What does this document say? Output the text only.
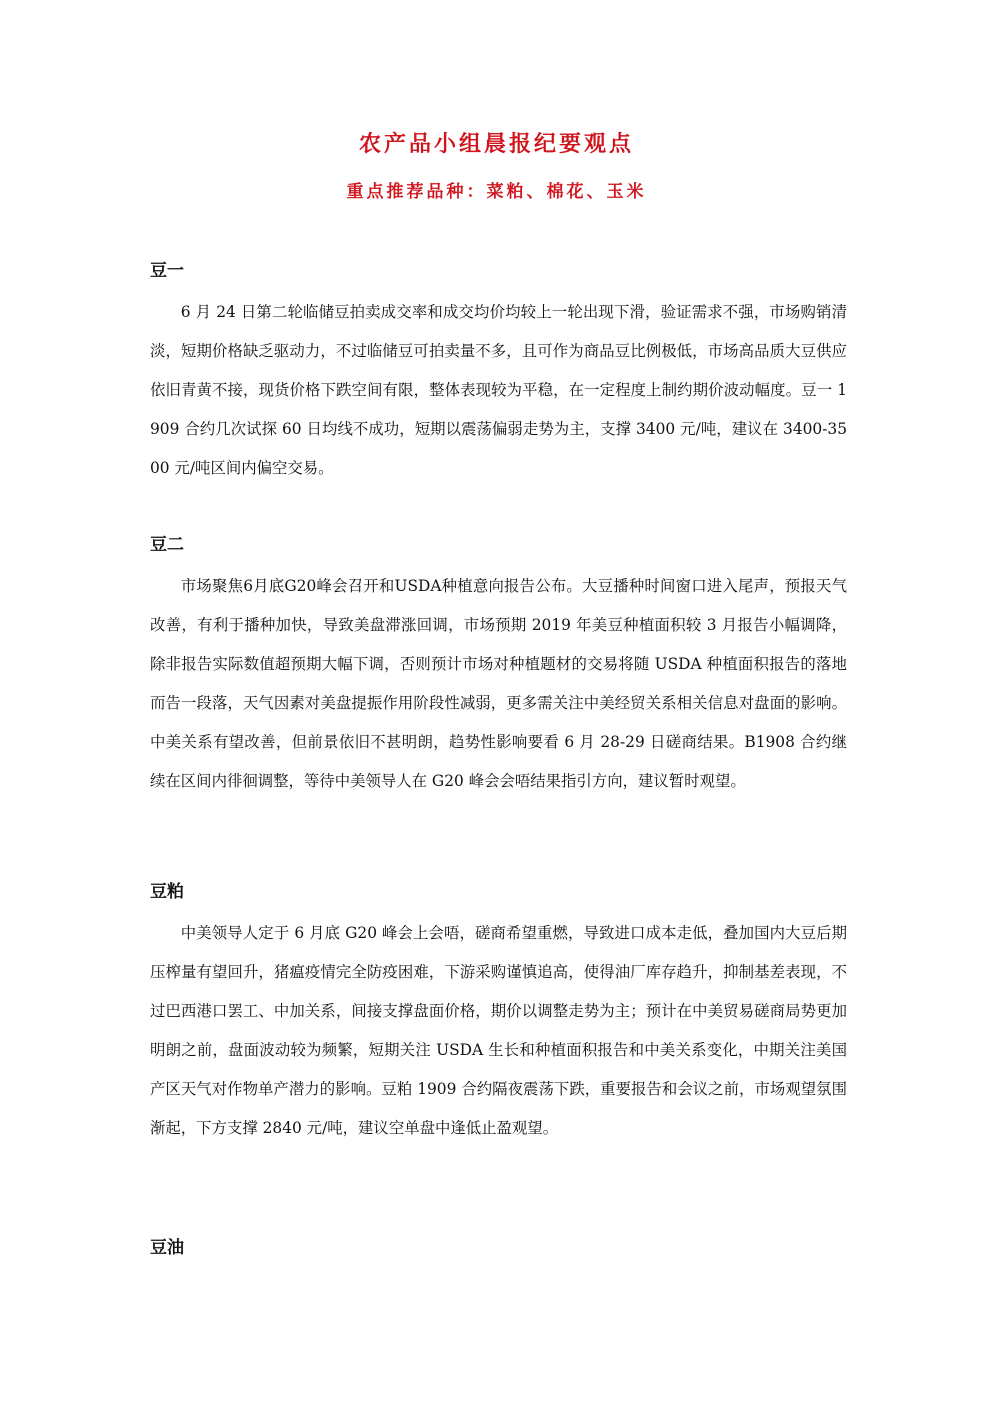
农产品小组晨报纪要观点
重点推荐品种：菜粕、棉花、玉米
豆一

6 月 24 日第二轮临储豆拍卖成交率和成交均价均较上一轮出现下滑，验证需求不强，市场购销清淡，短期价格缺乏驱动力，不过临储豆可拍卖量不多，且可作为商品豆比例极低，市场高品质大豆供应依旧青黄不接，现货价格下跌空间有限，整体表现较为平稳，在一定程度上制约期价波动幅度。豆一 1909 合约几次试探 60 日均线不成功，短期以震荡偏弱走势为主，支撑 3400 元/吨，建议在 3400-3500 元/吨区间内偏空交易。

豆二

市场聚焦6月底G20峰会召开和USDA种植意向报告公布。大豆播种时间窗口进入尾声，预报天气改善，有利于播种加快，导致美盘滞涨回调，市场预期 2019 年美豆种植面积较 3 月报告小幅调降，除非报告实际数值超预期大幅下调，否则预计市场对种植题材的交易将随 USDA 种植面积报告的落地而告一段落，天气因素对美盘提振作用阶段性减弱，更多需关注中美经贸关系相关信息对盘面的影响。中美关系有望改善，但前景依旧不甚明朗，趋势性影响要看 6 月 28-29 日磋商结果。B1908 合约继续在区间内徘徊调整，等待中美领导人在 G20 峰会会唔结果指引方向，建议暂时观望。

豆粕

中美领导人定于 6 月底 G20 峰会上会唔，磋商希望重燃，导致进口成本走低，叠加国内大豆后期压榨量有望回升，猪瘟疫情完全防疫困难，下游采购谨慎追高，使得油厂库存趋升，抑制基差表现，不过巴西港口罢工、中加关系，间接支撑盘面价格，期价以调整走势为主；预计在中美贸易磋商局势更加明朗之前，盘面波动较为频繁，短期关注 USDA 生长和种植面积报告和中美关系变化，中期关注美国产区天气对作物单产潜力的影响。豆粕 1909 合约隔夜震荡下跌，重要报告和会议之前，市场观望氛围渐起，下方支撑 2840 元/吨，建议空单盘中逢低止盈观望。

豆油
